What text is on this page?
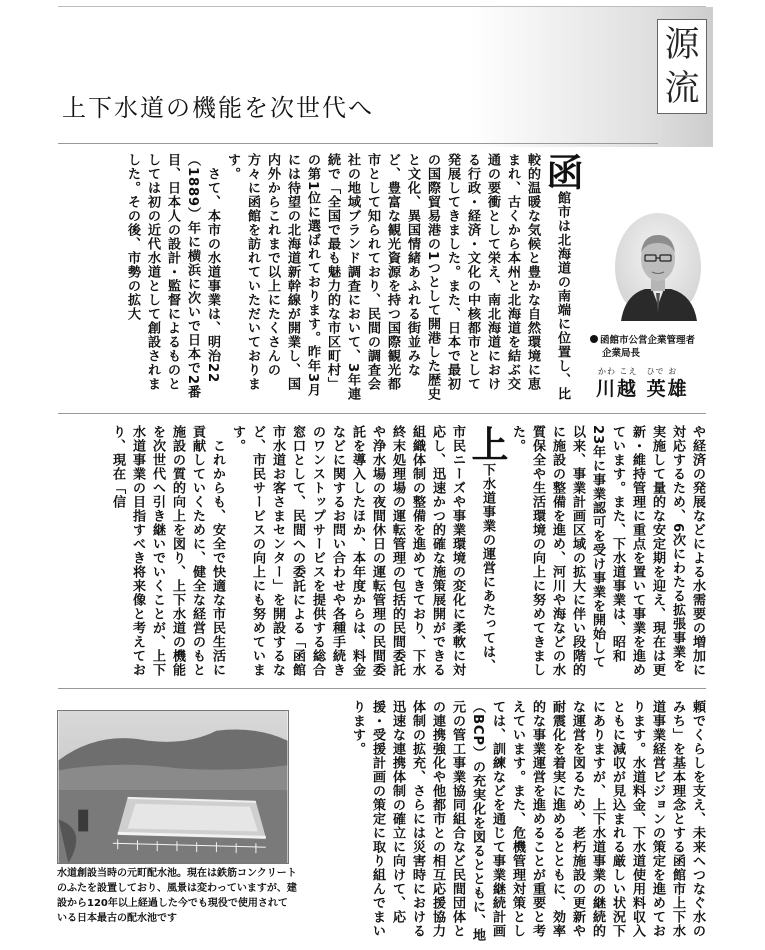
源
流
上下水道の機能を次世代へ

函館市は北海道の南端に位置し、比較的温暖な気候と豊かな自然環境に恵まれ、古くから本州と北海道を結ぶ交通の要衝として栄え、南北海道における行政・経済・文化の中核都市として発展してきました。また、日本で最初の国際貿易港の1つとして開港した歴史と文化、異国情緒あふれる街並みなど、豊富な観光資源を持つ国際観光都市として知られており、民間の調査会社の地域ブランド調査において、3年連続で「全国で最も魅力的な市区町村」の第1位に選ばれております。昨年3月には待望の北海道新幹線が開業し、国内外からこれまで以上にたくさんの方々に函館を訪れていただいております。

　さて、本市の水道事業は、明治22（1889）年に横浜に次いで日本で2番目、日本人の設計・監督によるものとしては初の近代水道として創設されました。その後、市勢の拡大

函館市公営企業管理者
企業局長
かわ こえ　ひで お
川越 英雄

や経済の発展などによる水需要の増加に対応するため、6次にわたる拡張事業を実施して量的な安定期を迎え、現在は更新・維持管理に重点を置いて事業を進めています。また、下水道事業は、昭和23年に事業認可を受け事業を開始して以来、事業計画区域の拡大に伴い段階的に施設の整備を進め、河川や海などの水質保全や生活環境の向上に努めてきました。

上下水道事業の運営にあたっては、市民ニーズや事業環境の変化に柔軟に対応し、迅速かつ的確な施策展開ができる組織体制の整備を進めてきており、下水終末処理場の運転管理の包括的民間委託や浄水場の夜間休日の運転管理の民間委託を導入したほか、本年度からは、料金などに関するお問い合わせや各種手続きのワンストップサービスを提供する総合窓口として、民間への委託による「函館市水道お客さまセンター」を開設するなど、市民サービスの向上にも努めています。

　これからも、安全で快適な市民生活に貢献していくために、健全な経営のもと施設の質的向上を図り、上下水道の機能を次世代へ引き継いでいくことが、上下水道事業の目指すべき将来像と考えており、現在「信

頼でくらしを支え、未来へつなぐ水のみち」を基本理念とする函館市上下水道事業経営ビジョンの策定を進めております。水道料金、下水道使用料収入ともに減収が見込まれる厳しい状況下にありますが、上下水道事業の継続的な運営を図るため、老朽施設の更新や耐震化を着実に進めるとともに、効率的な事業運営を進めることが重要と考えています。また、危機管理対策としては、訓練などを通じて事業継続計画（BCP）の充実化を図るとともに、地元の管工事業協同組合など民間団体との連携強化や他都市との相互応援協力体制の拡充、さらには災害時における迅速な連携体制の確立に向けて、応援・受援計画の策定に取り組んでまいります。

水道創設当時の元町配水池。現在は鉄筋コンクリートのふたを設置しており、風景は変わっていますが、建設から120年以上経過した今でも現役で使用されている日本最古の配水池です
